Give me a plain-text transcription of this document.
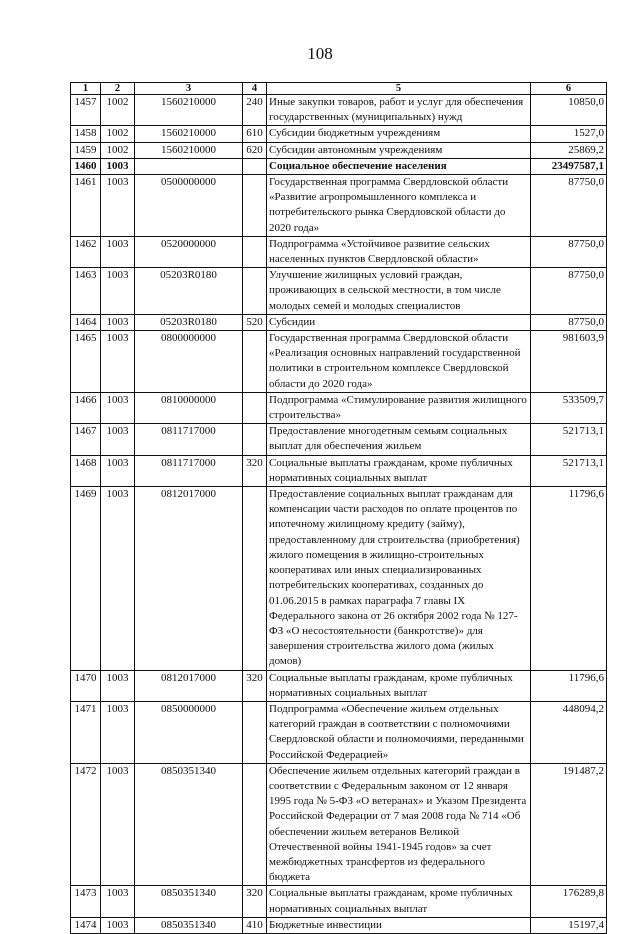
108
1	2	3	4	5	6
1457	1002	1560210000	240	Иные закупки товаров, работ и услуг для обеспечения государственных (муниципальных) нужд	10850,0
1458	1002	1560210000	610	Субсидии бюджетным учреждениям	1527,0
1459	1002	1560210000	620	Субсидии автономным учреждениям	25869,2
1460	1003			Социальное обеспечение населения	23497587,1
1461	1003	0500000000		Государственная программа Свердловской области «Развитие агропромышленного комплекса и потребительского рынка Свердловской области до 2020 года»	87750,0
1462	1003	0520000000		Подпрограмма «Устойчивое развитие сельских населенных пунктов Свердловской области»	87750,0
1463	1003	05203R0180		Улучшение жилищных условий граждан, проживающих в сельской местности, в том числе молодых семей и молодых специалистов	87750,0
1464	1003	05203R0180	520	Субсидии	87750,0
1465	1003	0800000000		Государственная программа Свердловской области «Реализация основных направлений государственной политики в строительном комплексе Свердловской области до 2020 года»	981603,9
1466	1003	0810000000		Подпрограмма «Стимулирование развития жилищного строительства»	533509,7
1467	1003	0811717000		Предоставление многодетным семьям социальных выплат для обеспечения жильем	521713,1
1468	1003	0811717000	320	Социальные выплаты гражданам, кроме публичных нормативных социальных выплат	521713,1
1469	1003	0812017000		Предоставление социальных выплат гражданам для компенсации части расходов по оплате процентов по ипотечному жилищному кредиту (займу), предоставленному для строительства (приобретения) жилого помещения в жилищно-строительных кооперативах или иных специализированных потребительских кооперативах, созданных до 01.06.2015 в рамках параграфа 7 главы IX Федерального закона от 26 октября 2002 года № 127-ФЗ «О несостоятельности (банкротстве)» для завершения строительства жилого дома (жилых домов)	11796,6
1470	1003	0812017000	320	Социальные выплаты гражданам, кроме публичных нормативных социальных выплат	11796,6
1471	1003	0850000000		Подпрограмма «Обеспечение жильем отдельных категорий граждан в соответствии с полномочиями Свердловской области и полномочиями, переданными Российской Федерацией»	448094,2
1472	1003	0850351340		Обеспечение жильем отдельных категорий граждан в соответствии с Федеральным законом от 12 января 1995 года № 5-ФЗ «О ветеранах» и Указом Президента Российской Федерации от 7 мая 2008 года № 714 «Об обеспечении жильем ветеранов Великой Отечественной войны 1941-1945 годов» за счет межбюджетных трансфертов из федерального бюджета	191487,2
1473	1003	0850351340	320	Социальные выплаты гражданам, кроме публичных нормативных социальных выплат	176289,8
1474	1003	0850351340	410	Бюджетные инвестиции	15197,4
